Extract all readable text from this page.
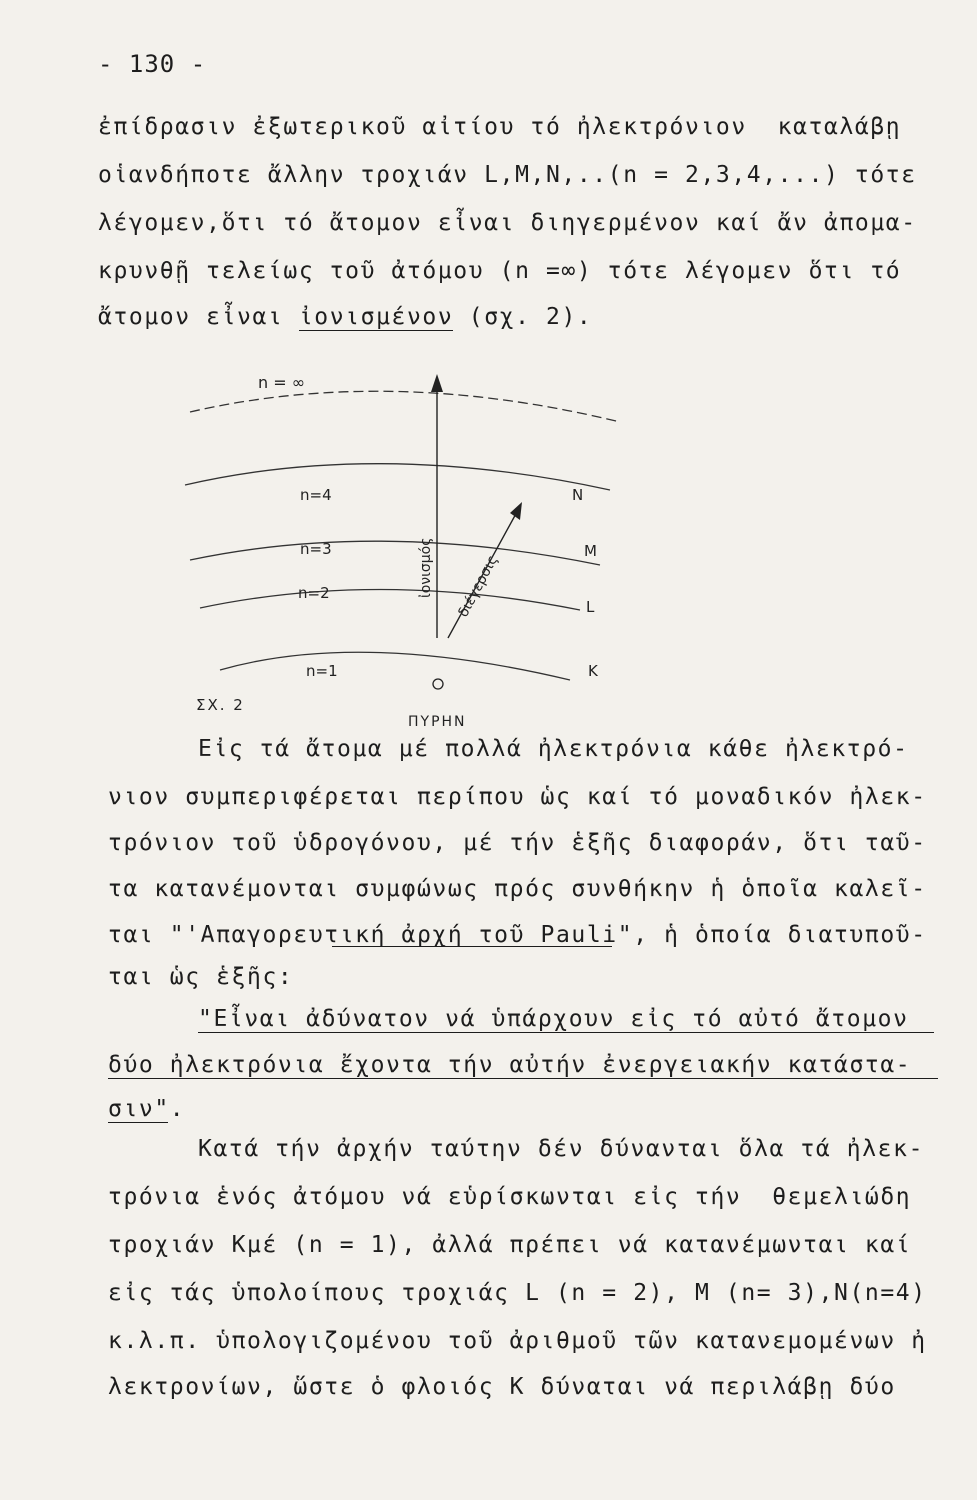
- 130 -
ἐπίδρασιν ἐξωτερικοῦ αἰτίου τό ἠλεκτρόνιον  καταλάβῃ
οἱανδήποτε ἄλλην τροχιάν L,M,N,..(n = 2,3,4,...) τότε
λέγομεν,ὅτι τό ἄτομον εἶναι διηγερμένον καί ἄν ἀπομα-
κρυνθῇ τελείως τοῦ ἀτόμου (n =∞) τότε λέγομεν ὅτι τό
ἄτομον εἶναι ἰονισμένον (σχ. 2).
n = ∞
n=4
n=3
n=2
n=1
N
M
L
K
ἰονισμός διέγερσις
ΠΥΡΗΝ
ΣΧ. 2
Εἰς τά ἄτομα μέ πολλά ἠλεκτρόνια κάθε ἠλεκτρό-
νιον συμπεριφέρεται περίπου ὡς καί τό μοναδικόν ἠλεκ-
τρόνιον τοῦ ὑδρογόνου, μέ τήν ἑξῆς διαφοράν, ὅτι ταῦ-
τα κατανέμονται συμφώνως πρός συνθήκην ἡ ὁποῖα καλεῖ-
ται "'Απαγορευτική ἀρχή τοῦ Pauli", ἡ ὁποία διατυποῦ-
ται ὡς ἑξῆς:
"Εἶναι ἀδύνατον νά ὑπάρχουν εἰς τό αὐτό ἄτομον
δύο ἠλεκτρόνια ἔχοντα τήν αὐτήν ἐνεργειακήν κατάστα-
σιν".
Κατά τήν ἀρχήν ταύτην δέν δύνανται ὅλα τά ἠλεκ-
τρόνια ἑνός ἀτόμου νά εὑρίσκωνται εἰς τήν  θεμελιώδη
τροχιάν Κμέ (n = 1), ἀλλά πρέπει νά κατανέμωνται καί
εἰς τάς ὑπολοίπους τροχιάς L (n = 2), M (n= 3),N(n=4)
κ.λ.π. ὑπολογιζομένου τοῦ ἀριθμοῦ τῶν κατανεμομένων ἠ
λεκτρονίων, ὥστε ὁ φλοιός Κ δύναται νά περιλάβῃ δύο
